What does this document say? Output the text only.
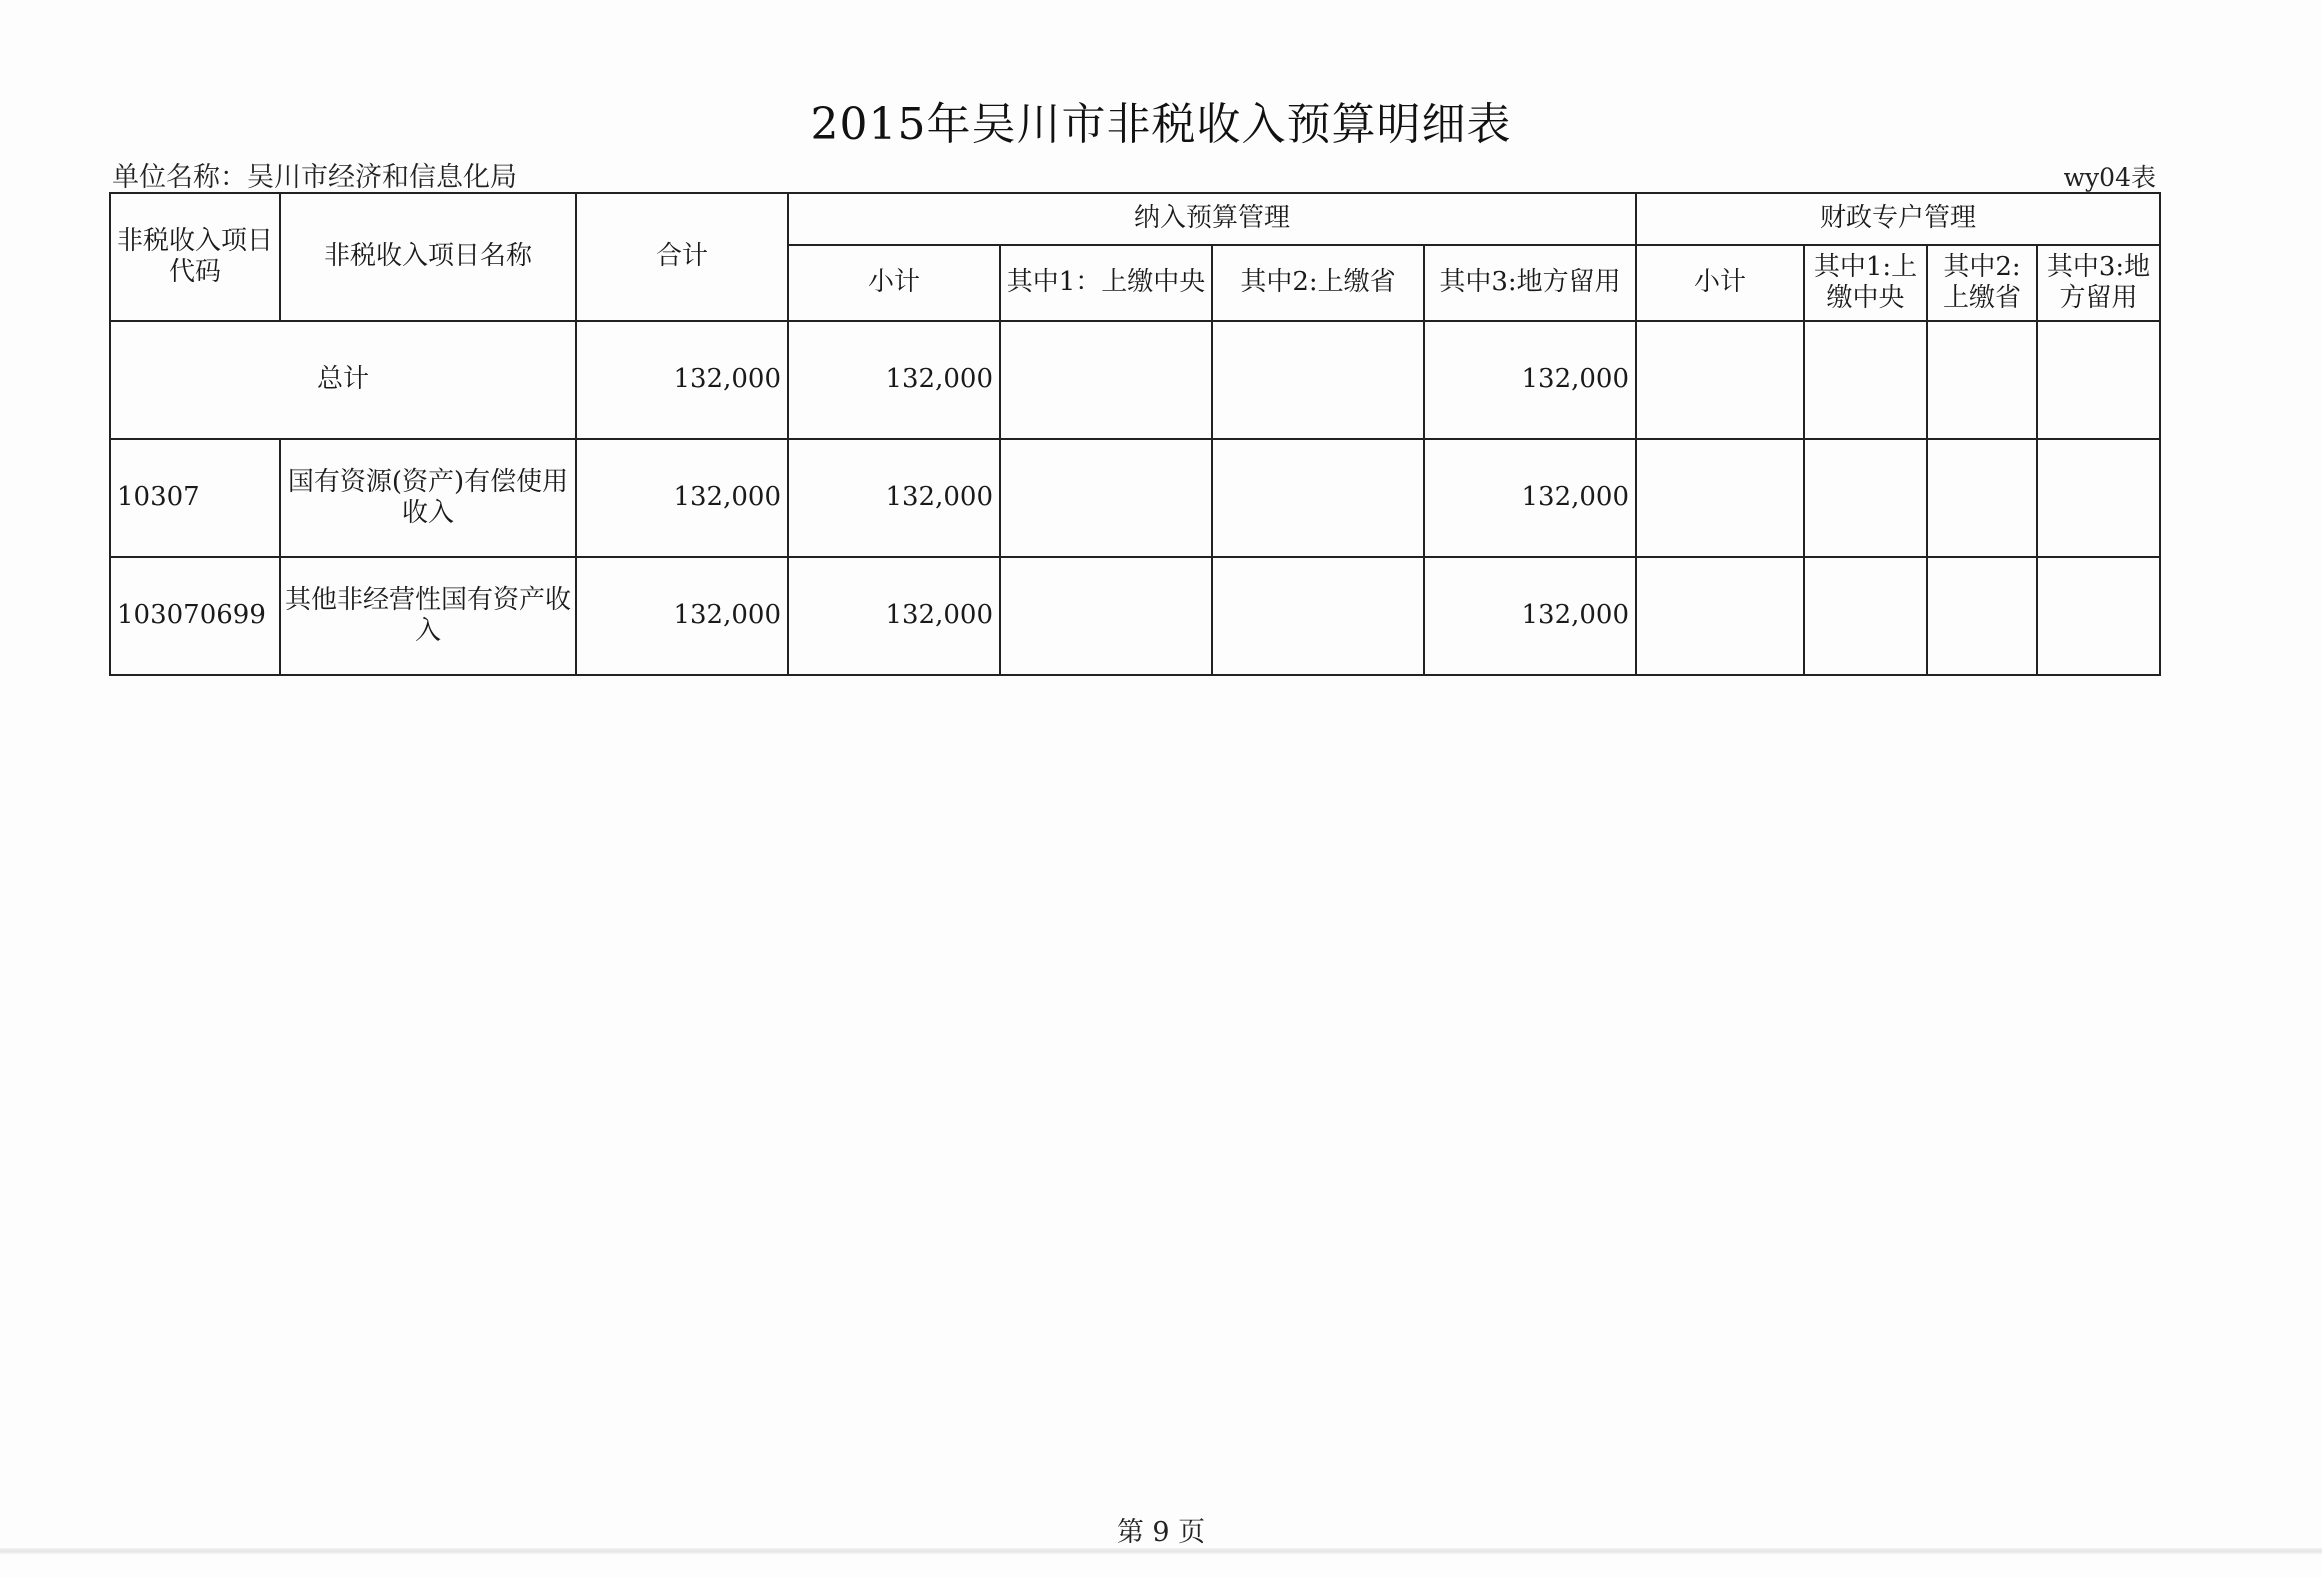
2015年吴川市非税收入预算明细表
单位名称：吴川市经济和信息化局	wy04表
非税收入项日代码	非税收入项日名称	合计	纳入预算管理				财政专户管理			
			小计	其中1：上缴中央	其中2:上缴省	其中3:地方留用	小计	其中1:上缴中央	其中2:上缴省	其中3:地方留用
总计		132,000	132,000			132,000				
10307	国有资源(资产)有偿使用收入	132,000	132,000			132,000				
103070699	其他非经营性国有资产收入	132,000	132,000			132,000				
第 9 页
